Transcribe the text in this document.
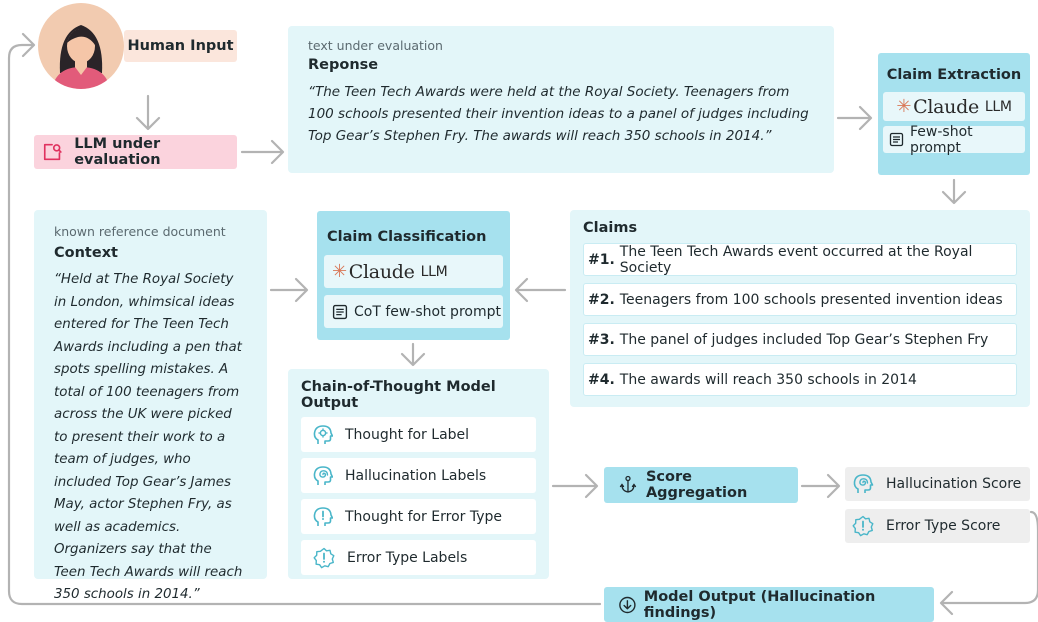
Human Input
LLM under evaluation
text under evaluation
Reponse
“The Teen Tech Awards were held at the Royal Society. Teenagers from 100 schools presented their invention ideas to a panel of judges including Top Gear’s Stephen Fry. The awards will reach 350 schools in 2014.”
Claim Extraction
✳ Claude LLM
Few-shot prompt
known reference document
Context
“Held at The Royal Society in London, whimsical ideas entered for The Teen Tech Awards including a pen that spots spelling mistakes. A total of 100 teenagers from across the UK were picked to present their work to a team of judges, who included Top Gear’s James May, actor Stephen Fry, as well as academics. Organizers say that the Teen Tech Awards will reach 350 schools in 2014.”
Claim Classification
✳ Claude LLM
CoT few-shot prompt
Claims
#1. The Teen Tech Awards event occurred at the Royal Society
#2. Teenagers from 100 schools presented invention ideas
#3. The panel of judges included Top Gear’s Stephen Fry
#4. The awards will reach 350 schools in 2014
Chain-of-Thought Model Output
Thought for Label
Hallucination Labels
Thought for Error Type
Error Type Labels
Score Aggregation
Hallucination Score
Error Type Score
Model Output (Hallucination findings)
